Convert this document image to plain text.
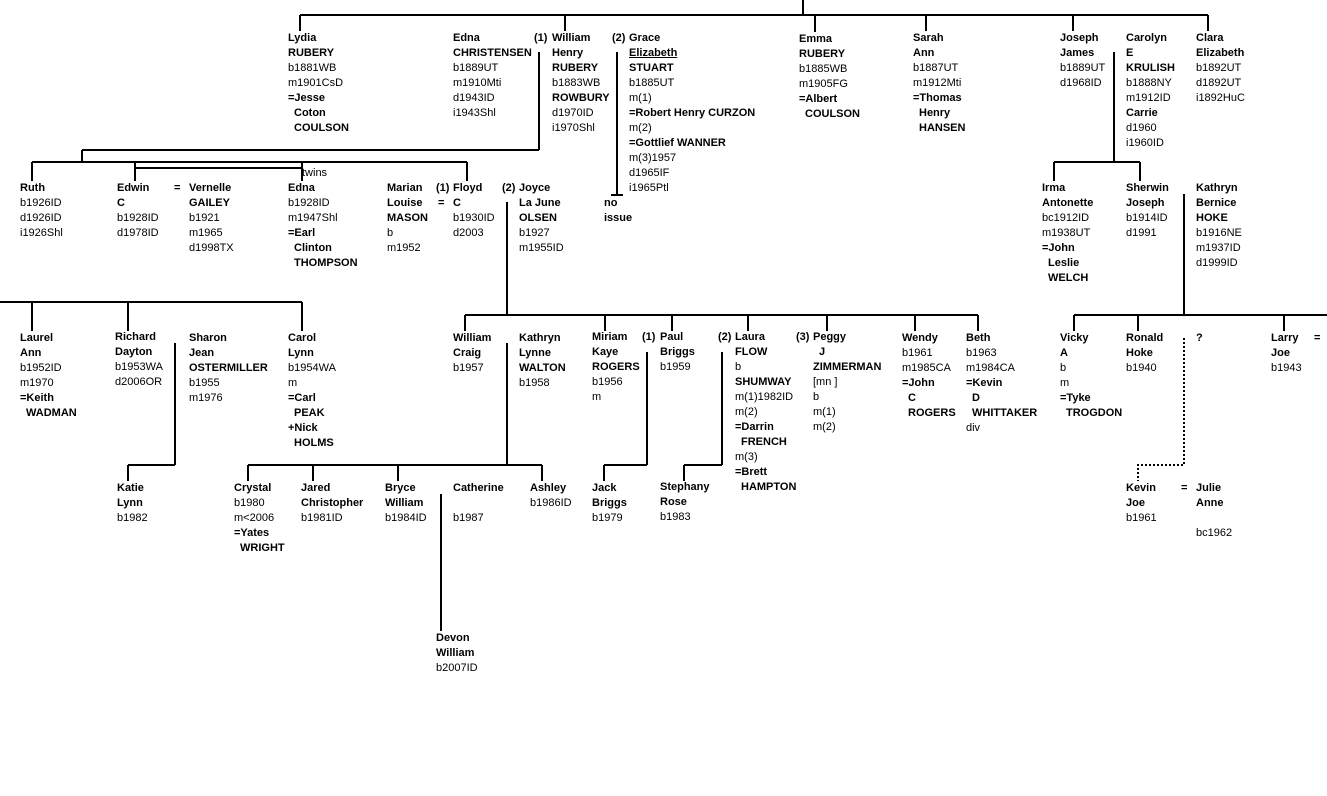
Lydia
RUBERY
b1881WB
m1901CsD
=Jesse
Coton
COULSON
Edna
CHRISTENSEN
b1889UT
m1910Mti
d1943ID
i1943Shl
William
Henry
RUBERY
b1883WB
ROWBURY
d1970ID
i1970Shl
Grace
Elizabeth
STUART
b1885UT
m(1)
=Robert Henry CURZON
m(2)
=Gottlief WANNER
m(3)1957
d1965IF
i1965Ptl
Emma
RUBERY
b1885WB
m1905FG
=Albert
COULSON
Sarah
Ann
b1887UT
m1912Mti
=Thomas
Henry
HANSEN
Joseph
James
b1889UT
d1968ID
Carolyn
E
KRULISH
b1888NY
m1912ID
Carrie
d1960
i1960ID
Clara
Elizabeth
b1892UT
d1892UT
i1892HuC
Ruth
b1926ID
d1926ID
i1926Shl
Edwin
C
b1928ID
d1978ID
Vernelle
GAILEY
b1921
m1965
d1998TX
Edna
b1928ID
m1947Shl
=Earl
Clinton
THOMPSON
Marian
Louise
MASON
b
m1952
Floyd
C
b1930ID
d2003
Joyce
La June
OLSEN
b1927
m1955ID
Irma
Antonette
bc1912ID
m1938UT
=John
Leslie
WELCH
Sherwin
Joseph
b1914ID
d1991
Kathryn
Bernice
HOKE
b1916NE
m1937ID
d1999ID
Laurel
Ann
b1952ID
m1970
=Keith
WADMAN
Richard
Dayton
b1953WA
d2006OR
Sharon
Jean
OSTERMILLER
b1955
m1976
Carol
Lynn
b1954WA
m
=Carl
PEAK
+Nick
HOLMS
William
Craig
b1957
Kathryn
Lynne
WALTON
b1958
Miriam
Kaye
ROGERS
b1956
m
Paul
Briggs
b1959
Laura
FLOW
b
SHUMWAY
m(1)1982ID
m(2)
=Darrin
FRENCH
m(3)
=Brett
HAMPTON
Peggy
J
ZIMMERMAN
[mn ]
b
m(1)
m(2)
Wendy
b1961
m1985CA
=John
C
ROGERS
Beth
b1963
m1984CA
=Kevin
D
WHITTAKER
div
Vicky
A
b
m
=Tyke
TROGDON
Ronald
Hoke
b1940
?	Larry
Joe
b1943
Katie
Lynn
b1982
Crystal
b1980
m<2006
=Yates
WRIGHT
Jared
Christopher
b1981ID
Bryce
William
b1984ID
Catherine

b1987
Ashley
b1986ID
Jack
Briggs
b1979
Stephany
Rose
b1983
Kevin
Joe
b1961
Julie
Anne

bc1962
Devon
William
b2007ID
no
issue
(1)	(2)
(1)	(2)
(1)	(2)	(3)
=
=
=
=
twins
